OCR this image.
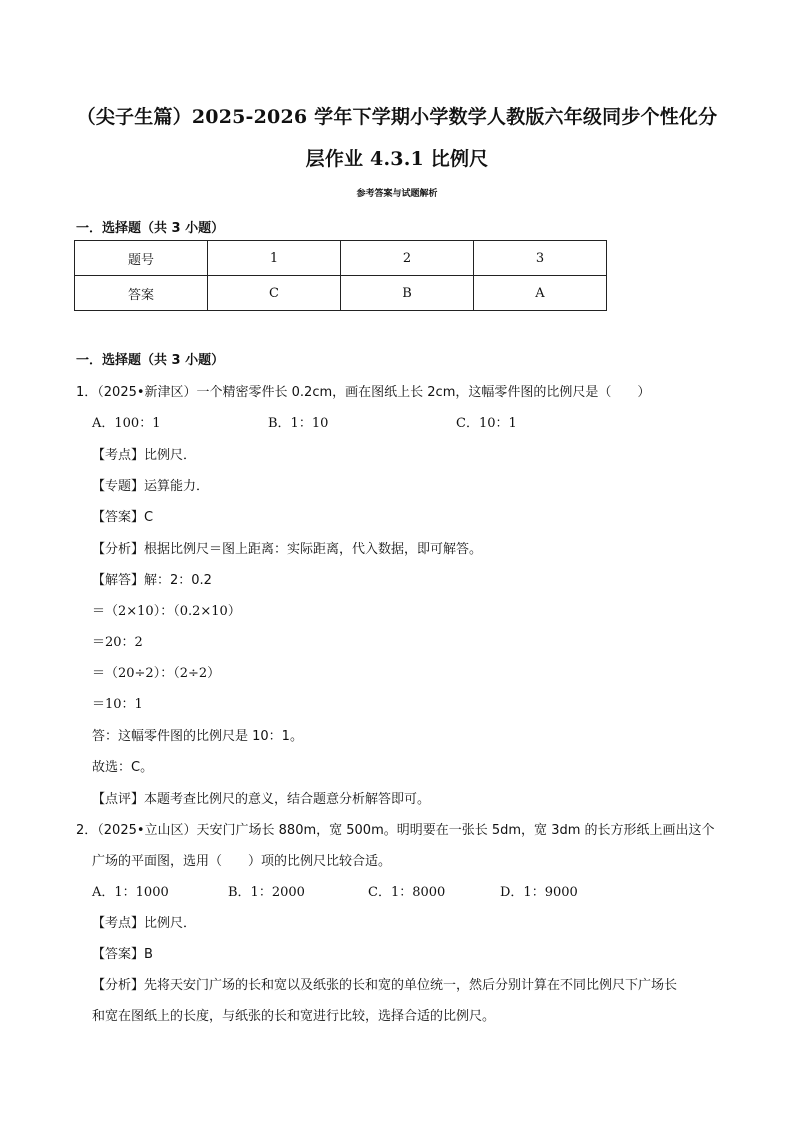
（尖子生篇）2025-2026 学年下学期小学数学人教版六年级同步个性化分
层作业 4.3.1 比例尺
参考答案与试题解析
一．选择题（共 3 小题）
题号	1	2	3
答案	C	B	A
一．选择题（共 3 小题）
1．（2025•新津区）一个精密零件长 0.2cm，画在图纸上长 2cm，这幅零件图的比例尺是（　　）
A．100：1	B．1：10	C．10：1
【考点】比例尺．
【专题】运算能力．
【答案】C
【分析】根据比例尺＝图上距离：实际距离，代入数据，即可解答。
【解答】解：2：0.2
＝（2×10）：（0.2×10）
＝20：2
＝（20÷2）：（2÷2）
＝10：1
答：这幅零件图的比例尺是 10：1。
故选：C。
【点评】本题考查比例尺的意义，结合题意分析解答即可。
2．（2025•立山区）天安门广场长 880m，宽 500m。明明要在一张长 5dm，宽 3dm 的长方形纸上画出这个
广场的平面图，选用（　　）项的比例尺比较合适。
A．1：1000	B．1：2000	C．1：8000	D．1：9000
【考点】比例尺．
【答案】B
【分析】先将天安门广场的长和宽以及纸张的长和宽的单位统一，然后分别计算在不同比例尺下广场长
和宽在图纸上的长度，与纸张的长和宽进行比较，选择合适的比例尺。
